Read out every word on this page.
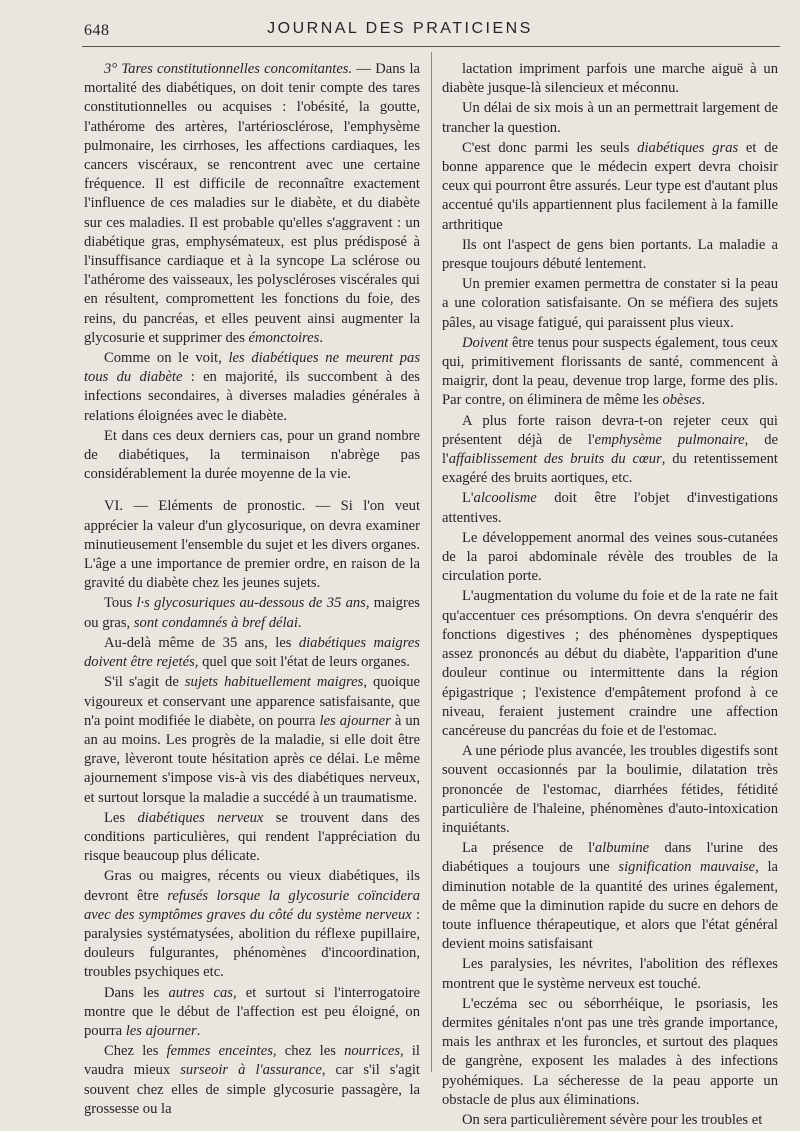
648	JOURNAL DES PRATICIENS

3° Tares constitutionnelles concomitantes. — Dans la mortalité des diabétiques, on doit tenir compte des tares constitutionnelles ou acquises : l'obésité, la goutte, l'athérome des artères, l'artériosclérose, l'emphysème pulmonaire, les cirrhoses, les affections cardiaques, les cancers viscéraux, se rencontrent avec une certaine fréquence. Il est difficile de reconnaître exactement l'influence de ces maladies sur le diabète, et du diabète sur ces maladies. Il est probable qu'elles s'aggravent : un diabétique gras, emphysémateux, est plus prédisposé à l'insuffisance cardiaque et à la syncope La sclérose ou l'athérome des vaisseaux, les polyscléroses viscérales qui en résultent, compromettent les fonctions du foie, des reins, du pancréas, et elles peuvent ainsi augmenter la glycosurie et supprimer des émonctoires.

Comme on le voit, les diabétiques ne meurent pas tous du diabète : en majorité, ils succombent à des infections secondaires, à diverses maladies générales à relations éloignées avec le diabète.

Et dans ces deux derniers cas, pour un grand nombre de diabétiques, la terminaison n'abrège pas considérablement la durée moyenne de la vie.

VI. — Eléments de pronostic. — Si l'on veut apprécier la valeur d'un glycosurique, on devra examiner minutieusement l'ensemble du sujet et les divers organes. L'âge a une importance de premier ordre, en raison de la gravité du diabète chez les jeunes sujets.

Tous l·s glycosuriques au-dessous de 35 ans, maigres ou gras, sont condamnés à bref délai.

Au-delà même de 35 ans, les diabétiques maigres doivent être rejetés, quel que soit l'état de leurs organes.

S'il s'agit de sujets habituellement maigres, quoique vigoureux et conservant une apparence satisfaisante, que n'a point modifiée le diabète, on pourra les ajourner à un an au moins. Les progrès de la maladie, si elle doit être grave, lèveront toute hésitation après ce délai. Le même ajournement s'impose vis-à vis des diabétiques nerveux, et surtout lorsque la maladie a succédé à un traumatisme.

Les diabétiques nerveux se trouvent dans des conditions particulières, qui rendent l'appréciation du risque beaucoup plus délicate.

Gras ou maigres, récents ou vieux diabétiques, ils devront être refusés lorsque la glycosurie coïncidera avec des symptômes graves du côté du système nerveux : paralysies systématysées, abolition du réflexe pupillaire, douleurs fulgurantes, phénomènes d'incoordination, troubles psychiques etc.

Dans les autres cas, et surtout si l'interrogatoire montre que le début de l'affection est peu éloigné, on pourra les ajourner.

Chez les femmes enceintes, chez les nourrices, il vaudra mieux surseoir à l'assurance, car s'il s'agit souvent chez elles de simple glycosurie passagère, la grossesse ou la

lactation impriment parfois une marche aiguë à un diabète jusque-là silencieux et méconnu.

Un délai de six mois à un an permettrait largement de trancher la question.

C'est donc parmi les seuls diabétiques gras et de bonne apparence que le médecin expert devra choisir ceux qui pourront être assurés. Leur type est d'autant plus accentué qu'ils appartiennent plus facilement à la famille arthritique

Ils ont l'aspect de gens bien portants. La maladie a presque toujours débuté lentement.

Un premier examen permettra de constater si la peau a une coloration satisfaisante. On se méfiera des sujets pâles, au visage fatigué, qui paraissent plus vieux.

Doivent être tenus pour suspects également, tous ceux qui, primitivement florissants de santé, commencent à maigrir, dont la peau, devenue trop large, forme des plis. Par contre, on éliminera de même les obèses.

A plus forte raison devra-t-on rejeter ceux qui présentent déjà de l'emphysème pulmonaire, de l'affaiblissement des bruits du cœur, du retentissement exagéré des bruits aortiques, etc.

L'alcoolisme doit être l'objet d'investigations attentives.

Le développement anormal des veines sous-cutanées de la paroi abdominale révèle des troubles de la circulation porte.

L'augmentation du volume du foie et de la rate ne fait qu'accentuer ces présomptions. On devra s'enquérir des fonctions digestives ; des phénomènes dyspeptiques assez prononcés au début du diabète, l'apparition d'une douleur continue ou intermittente dans la région épigastrique ; l'existence d'empâtement profond à ce niveau, feraient justement craindre une affection cancéreuse du pancréas du foie et de l'estomac.

A une période plus avancée, les troubles digestifs sont souvent occasionnés par la boulimie, dilatation très prononcée de l'estomac, diarrhées fétides, fétidité particulière de l'haleine, phénomènes d'auto-intoxication inquiétants.

La présence de l'albumine dans l'urine des diabétiques a toujours une signification mauvaise, la diminution notable de la quantité des urines également, de même que la diminution rapide du sucre en dehors de toute influence thérapeutique, et alors que l'état général devient moins satisfaisant

Les paralysies, les névrites, l'abolition des réflexes montrent que le système nerveux est touché.

L'eczéma sec ou séborrhéique, le psoriasis, les dermites génitales n'ont pas une très grande importance, mais les anthrax et les furoncles, et surtout des plaques de gangrène, exposent les malades à des infections pyohémiques. La sécheresse de la peau apporte un obstacle de plus aux éliminations.

On sera particulièrement sévère pour les troubles et
